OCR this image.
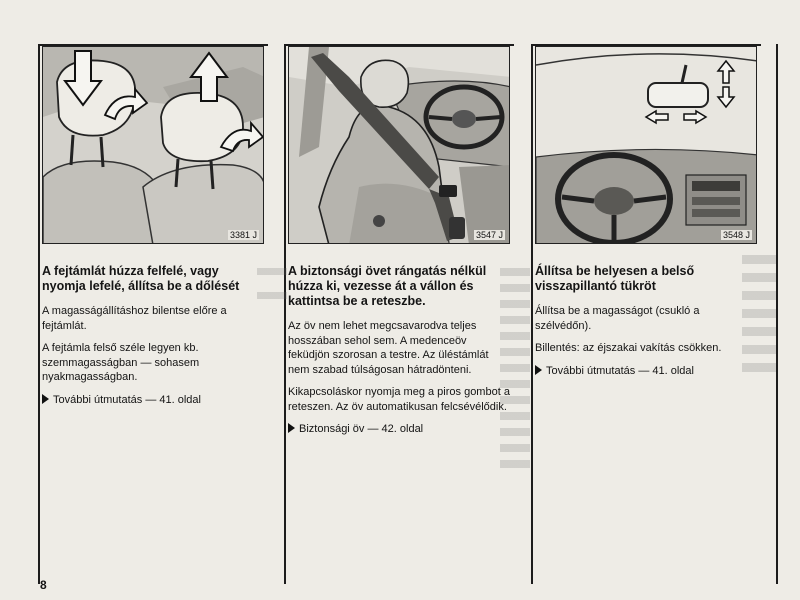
3381 J	3547 J	3548 J
A fejtámlát húzza felfelé, vagy nyomja lefelé, állítsa be a dőlését
A magasságállításhoz bilentse előre a fejtámlát.
A fejtámla felső széle legyen kb. szemmagasságban — sohasem nyakmagasságban.
További útmutatás — 41. oldal
A biztonsági övet rángatás nélkül húzza ki, vezesse át a vállon és kattintsa be a reteszbe.
Az öv nem lehet megcsavarodva teljes hosszában sehol sem. A medenceöv feküdjön szorosan a testre. Az üléstámlát nem szabad túlságosan hátradönteni.
Kikapcsoláskor nyomja meg a piros gombot a reteszen. Az öv automatikusan felcsévélődik.
Biztonsági öv — 42. oldal
Állítsa be helyesen a belső visszapillantó tükröt
Állítsa be a magasságot (csukló a szélvédőn).
Billentés: az éjszakai vakítás csökken.
További útmutatás — 41. oldal
8
